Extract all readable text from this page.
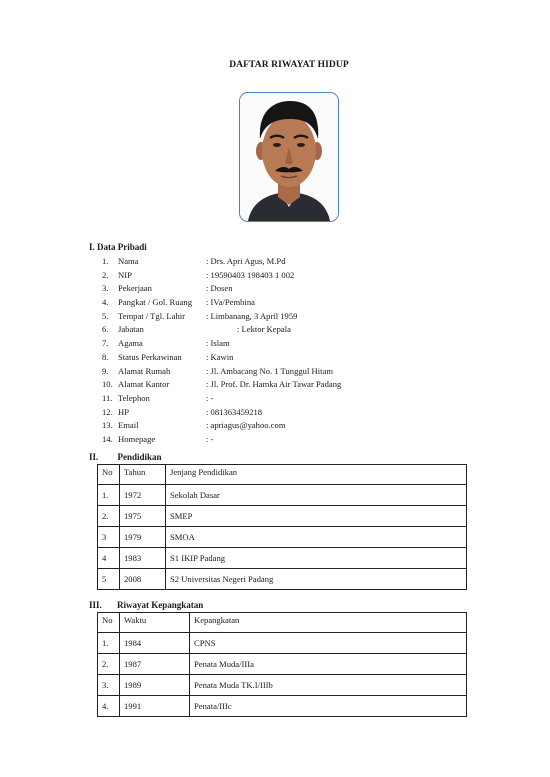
DAFTAR RIWAYAT HIDUP
I. Data Pribadi
1. Nama	: Drs. Apri Agus, M.Pd
2. NIP	: 19590403 198403 1 002
3. Pekerjaan	: Dosen
4. Pangkat / Gol. Ruang : IVa/Pembina
5. Tempat / Tgl. Lahir : Limbanang, 3 April 1959
6. Jabatan	: Lektor Kepala
7. Agama	: Islam
8. Status Perkawinan	: Kawin
9. Alamat Rumah	: Jl. Ambacang No. 1 Tunggul Hitam
10. Alamat Kantor	: Jl. Prof. Dr. Hamka Air Tawar Padang
11. Telephon	: -
12. HP	: 081363459218
13. Email	: apriagus@yahoo.com
14. Homepage	: -
II. Pendidikan
No	Tahun	Jenjang Pendidikan
1.	1972	Sekolah Dasar
2.	1975	SMEP
3	1979	SMOA
4	1983	S1 IKIP Padang
5	2008	S2 Universitas Negeri Padang
III. Riwayat Kepangkatan
No	Waktu	Kepangkatan
1.	1984	CPNS
2.	1987	Penata Muda/IIIa
3.	1989	Penata Muda TK.I/IIIb
4.	1991	Penata/IIIc
